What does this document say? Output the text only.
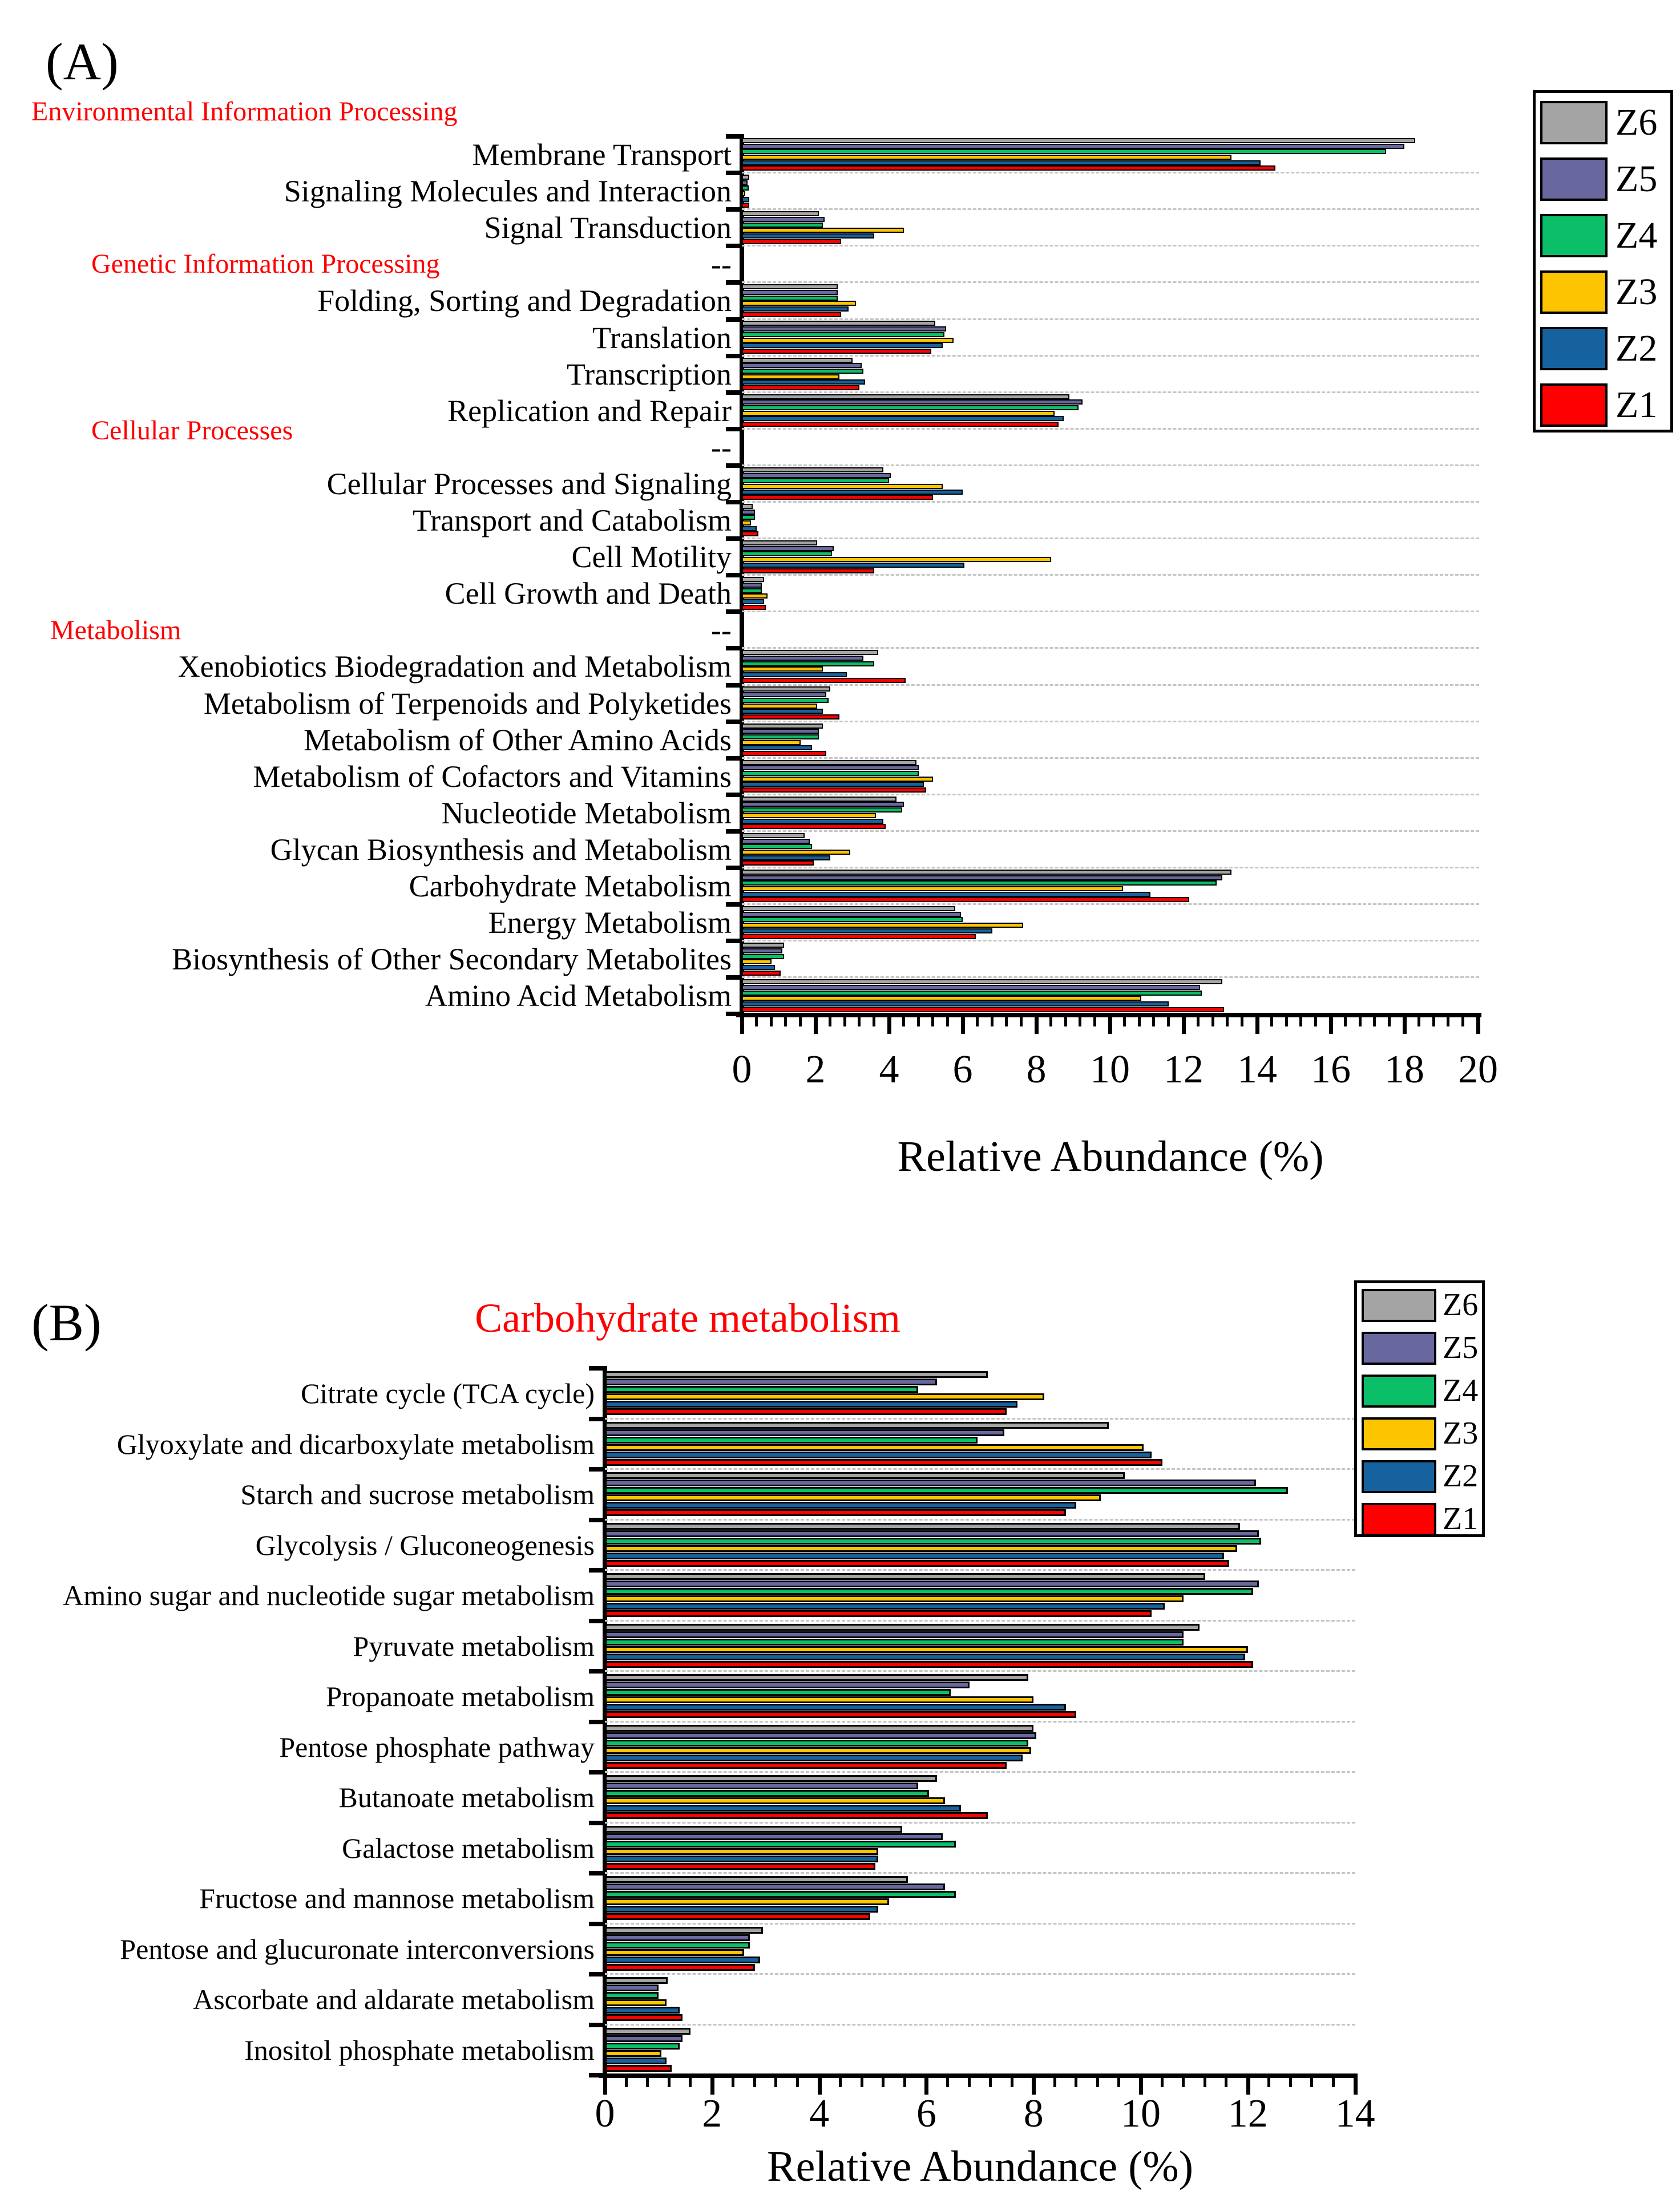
(A)
Membrane Transport
Signaling Molecules and Interaction
Signal Transduction
--
Folding, Sorting and Degradation
Translation
Transcription
Replication and Repair
--
Cellular Processes and Signaling
Transport and Catabolism
Cell Motility
Cell Growth and Death
--
Xenobiotics Biodegradation and Metabolism
Metabolism of Terpenoids and Polyketides
Metabolism of Other Amino Acids
Metabolism of Cofactors and Vitamins
Nucleotide Metabolism
Glycan Biosynthesis and Metabolism
Carbohydrate Metabolism
Energy Metabolism
Biosynthesis of Other Secondary Metabolites
Amino Acid Metabolism
0	2	4	6	8	10 12 14 16 18 20
Environmental Information Processing
Genetic Information Processing
Cellular Processes
Metabolism
Relative Abundance (%)
Z6
Z5
Z4
Z3
Z2
Z1
(B)	Carbohydrate metabolism
Citrate cycle (TCA cycle)
Glyoxylate and dicarboxylate metabolism
Starch and sucrose metabolism
Glycolysis / Gluconeogenesis
Amino sugar and nucleotide sugar metabolism
Pyruvate metabolism
Propanoate metabolism
Pentose phosphate pathway
Butanoate metabolism
Galactose metabolism
Fructose and mannose metabolism
Pentose and glucuronate interconversions
Ascorbate and aldarate metabolism
Inositol phosphate metabolism
0	2	4	6	8	10	12	14
Relative Abundance (%)
Z6
Z5
Z4
Z3
Z2
Z1
